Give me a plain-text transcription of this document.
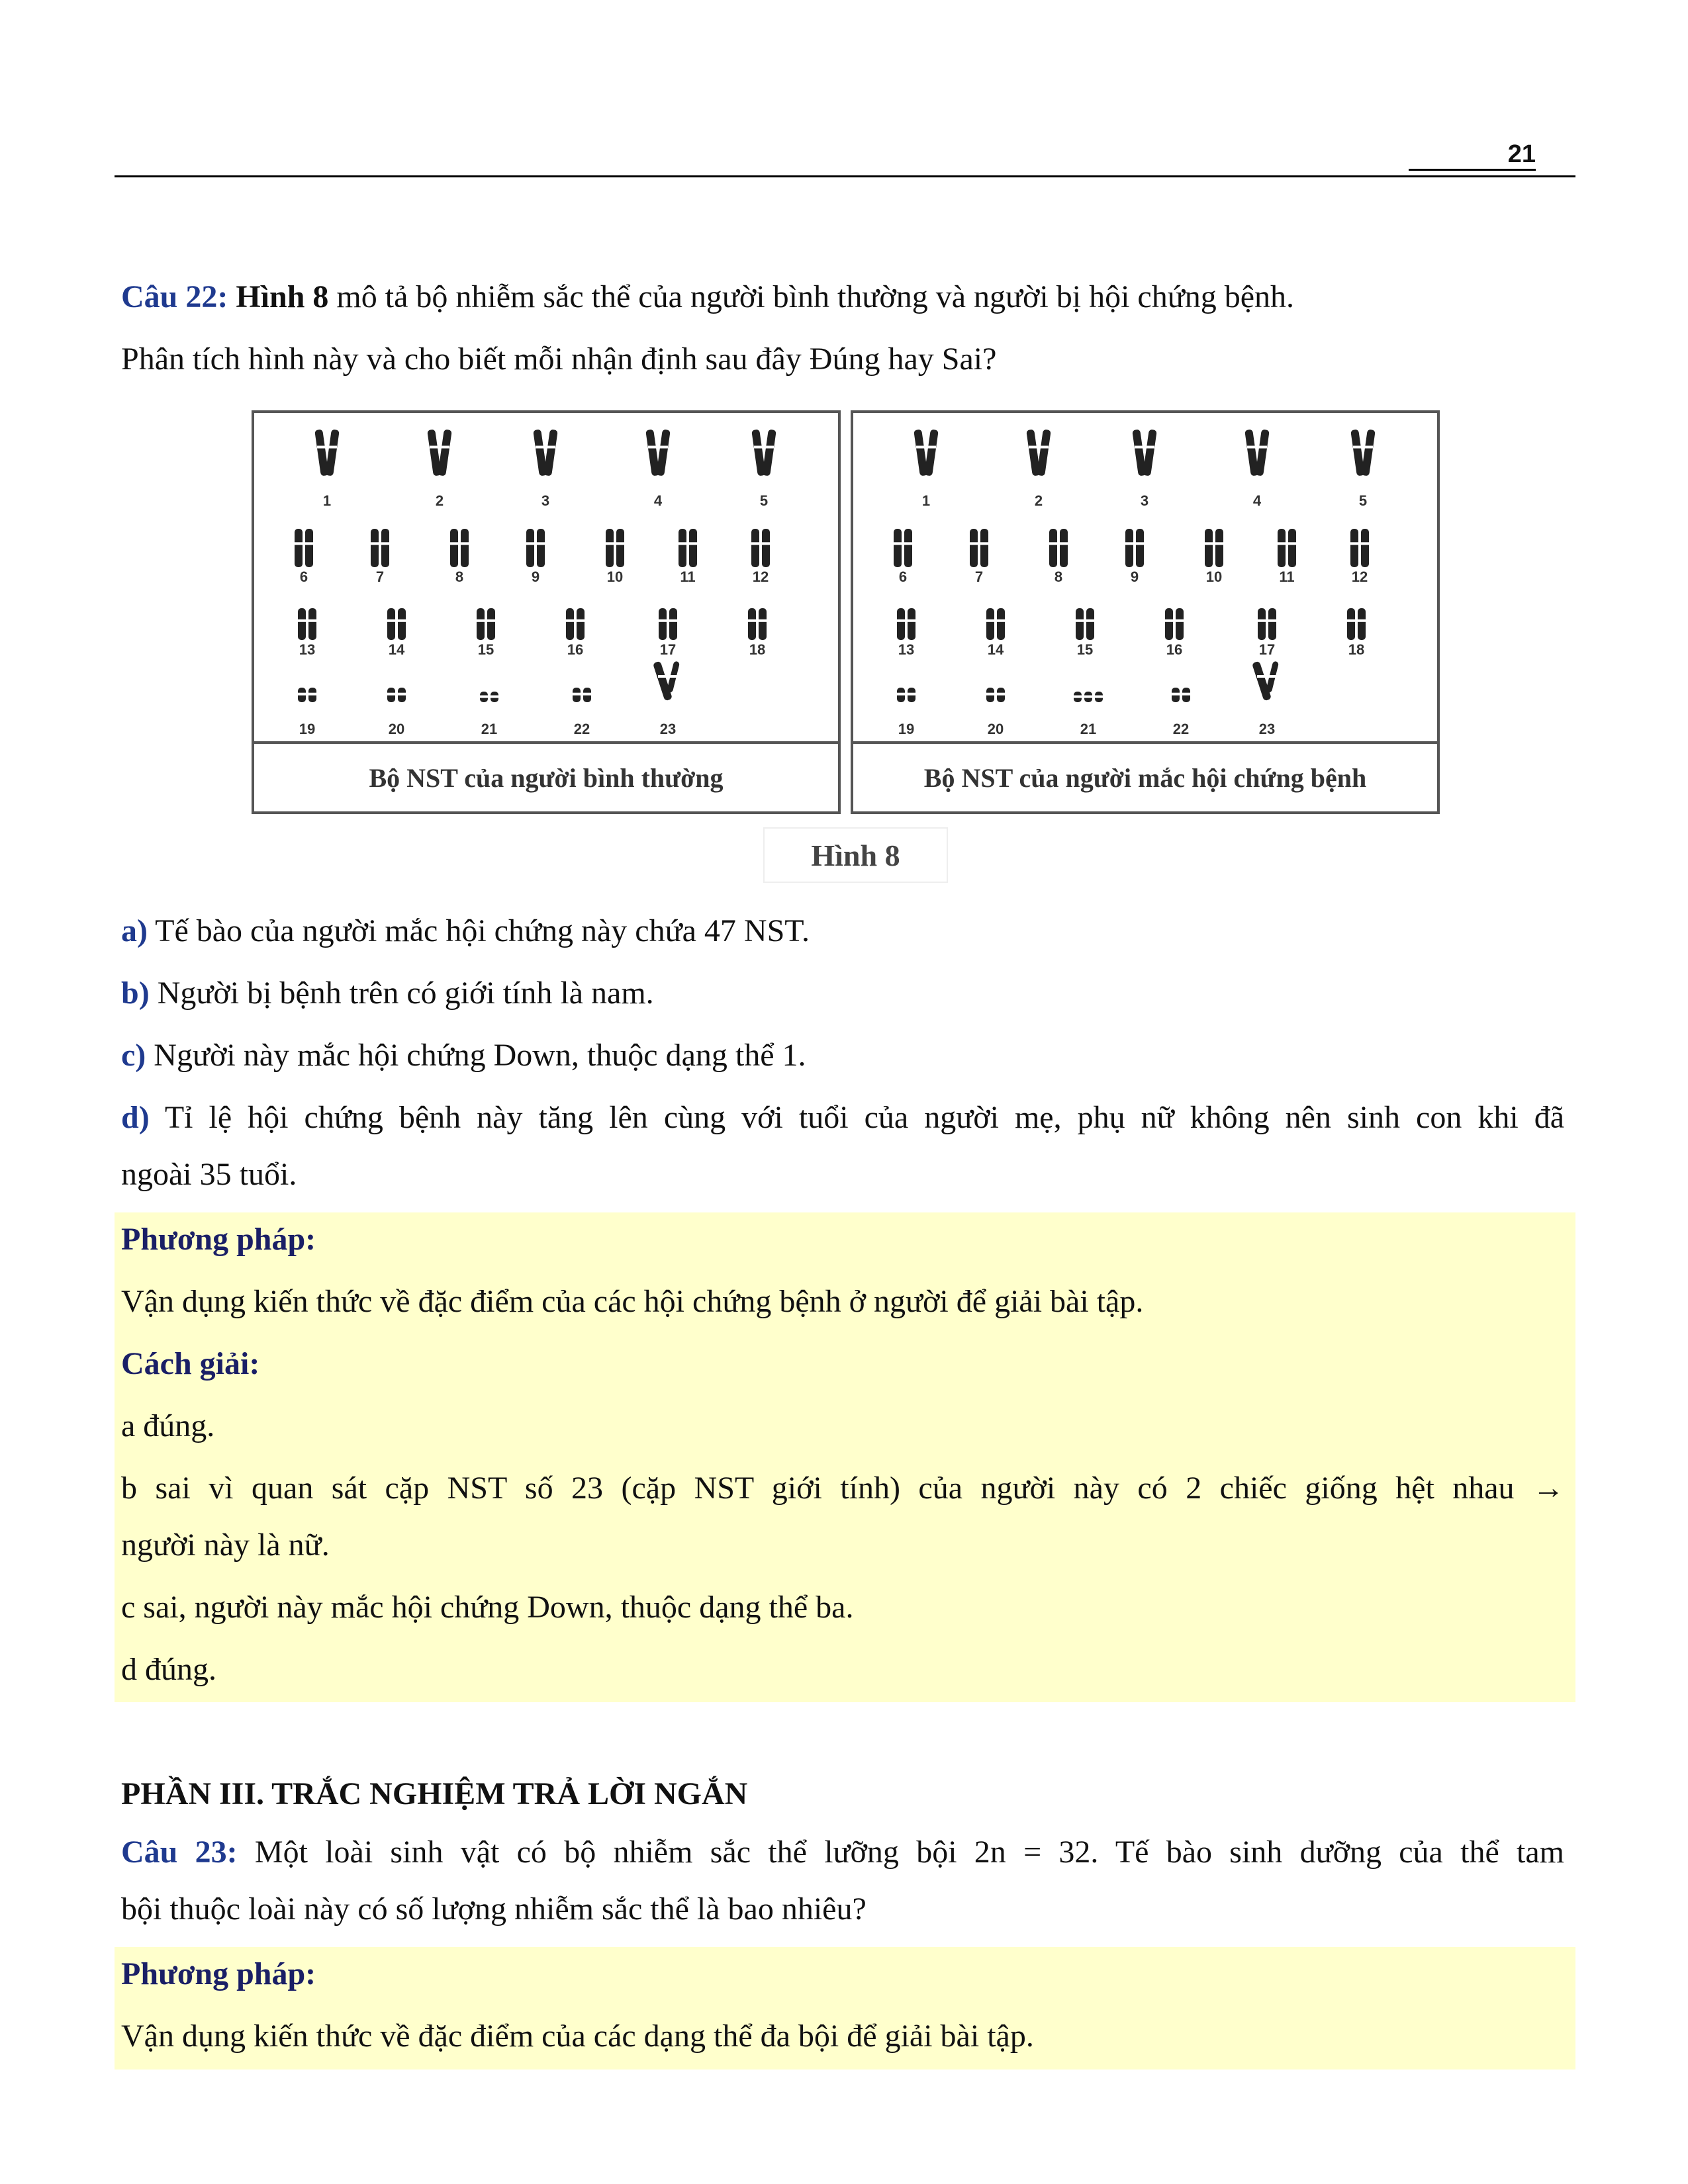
21
Câu 22: Hình 8 mô tả bộ nhiễm sắc thể của người bình thường và người bị hội chứng bệnh.
Phân tích hình này và cho biết mỗi nhận định sau đây Đúng hay Sai?
1	2	3	4	5
6	7	8	9	10	11	12
13	14	15	16	17	18
19	20	21	22	23
Bộ NST của người bình thường
1	2	3	4	5
6	7	8	9	10	11	12
13	14	15	16	17	18
19	20	21	22	23
Bộ NST của người mắc hội chứng bệnh
Hình 8
a) Tế bào của người mắc hội chứng này chứa 47 NST.
b) Người bị bệnh trên có giới tính là nam.
c) Người này mắc hội chứng Down, thuộc dạng thể 1.
d) Tỉ lệ hội chứng bệnh này tăng lên cùng với tuổi của người mẹ, phụ nữ không nên sinh con khi đã
ngoài 35 tuổi.
Phương pháp:
Vận dụng kiến thức về đặc điểm của các hội chứng bệnh ở người để giải bài tập.
Cách giải:
a đúng.
b sai vì quan sát cặp NST số 23 (cặp NST giới tính) của người này có 2 chiếc giống hệt nhau →
người này là nữ.
c sai, người này mắc hội chứng Down, thuộc dạng thể ba.
d đúng.
PHẦN III. TRẮC NGHIỆM TRẢ LỜI NGẮN
Câu 23: Một loài sinh vật có bộ nhiễm sắc thể lưỡng bội 2n = 32. Tế bào sinh dưỡng của thể tam
bội thuộc loài này có số lượng nhiễm sắc thể là bao nhiêu?
Phương pháp:
Vận dụng kiến thức về đặc điểm của các dạng thể đa bội để giải bài tập.
